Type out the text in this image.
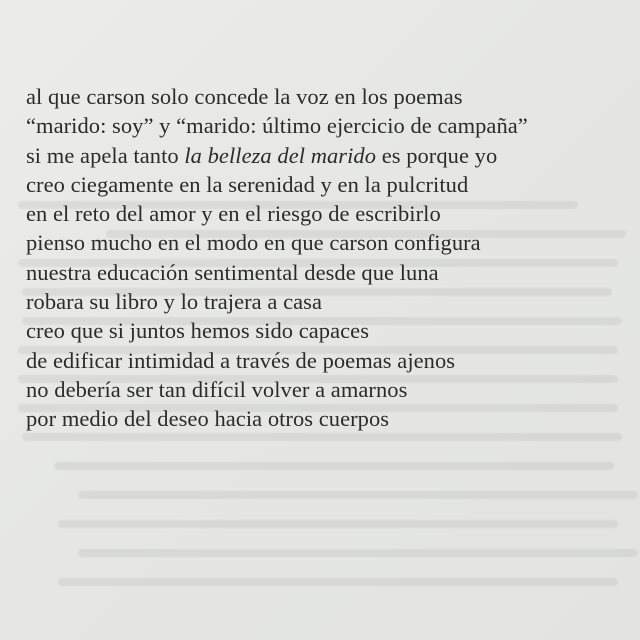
al que carson solo concede la voz en los poemas
“marido: soy” y “marido: último ejercicio de campaña”
si me apela tanto la belleza del marido es porque yo
creo ciegamente en la serenidad y en la pulcritud
en el reto del amor y en el riesgo de escribirlo
pienso mucho en el modo en que carson configura
nuestra educación sentimental desde que luna
robara su libro y lo trajera a casa
creo que si juntos hemos sido capaces
de edificar intimidad a través de poemas ajenos
no debería ser tan difícil volver a amarnos
por medio del deseo hacia otros cuerpos
